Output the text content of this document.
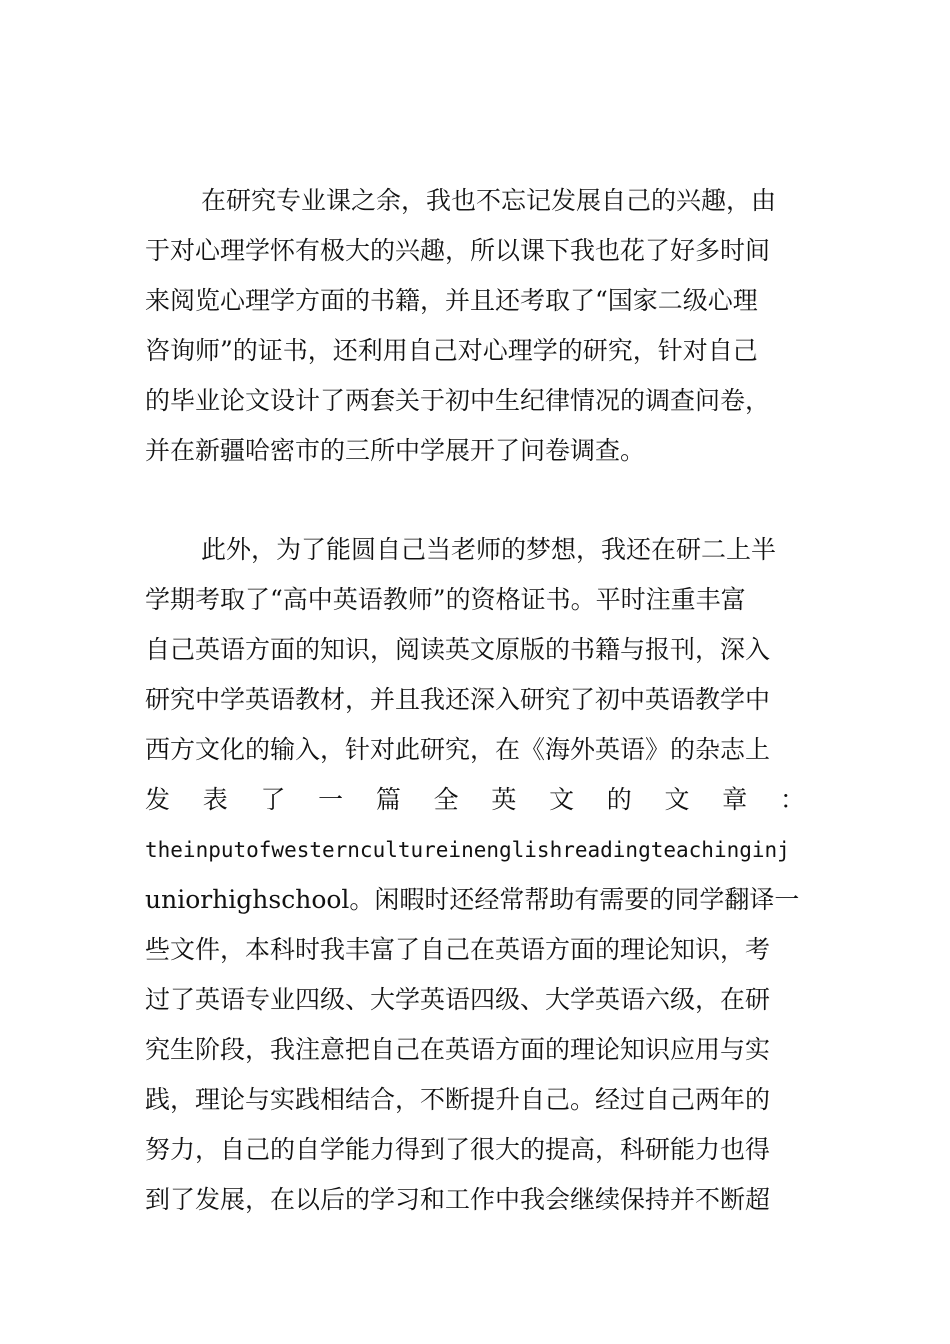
在研究专业课之余，我也不忘记发展自己的兴趣，由
于对心理学怀有极大的兴趣，所以课下我也花了好多时间
来阅览心理学方面的书籍，并且还考取了“国家二级心理
咨询师”的证书，还利用自己对心理学的研究，针对自己
的毕业论文设计了两套关于初中生纪律情况的调查问卷，
并在新疆哈密市的三所中学展开了问卷调查。
此外，为了能圆自己当老师的梦想，我还在研二上半
学期考取了“高中英语教师”的资格证书。平时注重丰富
自己英语方面的知识，阅读英文原版的书籍与报刊，深入
研究中学英语教材，并且我还深入研究了初中英语教学中
西方文化的输入，针对此研究，在《海外英语》的杂志上
发表了一篇全英文的文章：
theinputofwesterncultureinenglishreadingteachinginj
uniorhighschool。闲暇时还经常帮助有需要的同学翻译一
些文件，本科时我丰富了自己在英语方面的理论知识，考
过了英语专业四级、大学英语四级、大学英语六级，在研
究生阶段，我注意把自己在英语方面的理论知识应用与实
践，理论与实践相结合，不断提升自己。经过自己两年的
努力，自己的自学能力得到了很大的提高，科研能力也得
到了发展，在以后的学习和工作中我会继续保持并不断超
